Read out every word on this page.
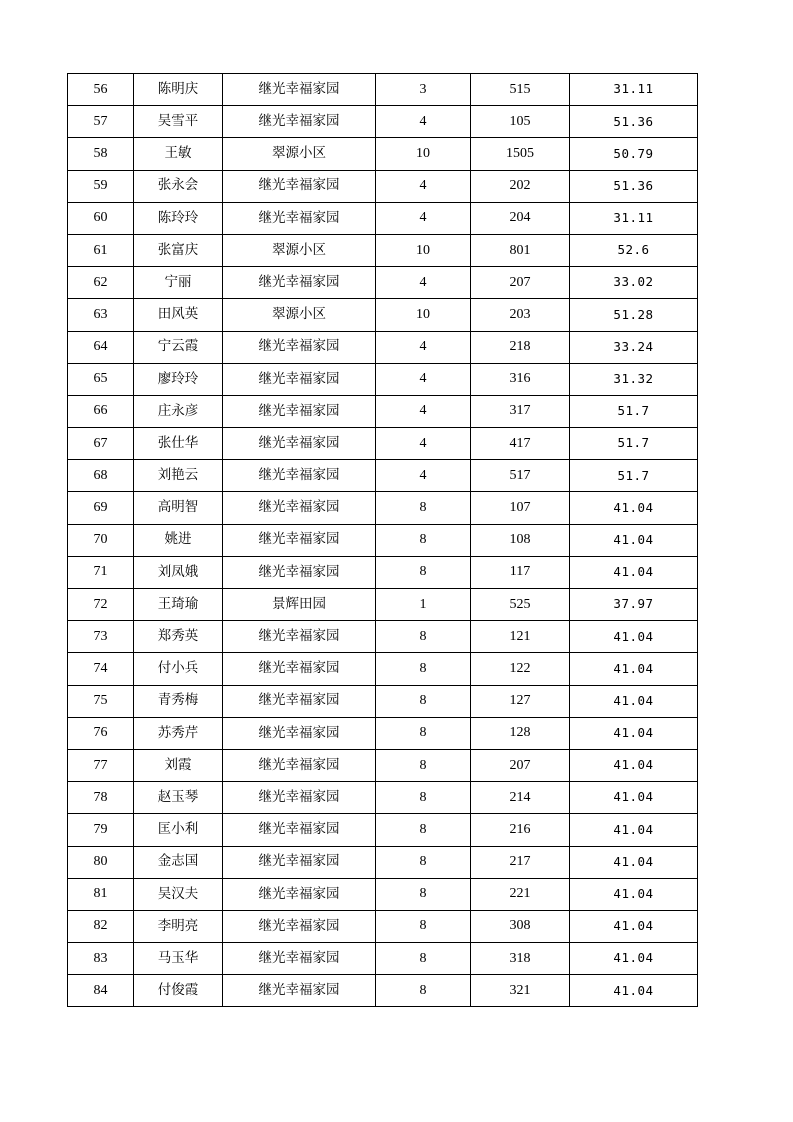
56	陈明庆	继光幸福家园	3	515	31.11
57	吴雪平	继光幸福家园	4	105	51.36
58	王敏	翠源小区	10	1505	50.79
59	张永会	继光幸福家园	4	202	51.36
60	陈玲玲	继光幸福家园	4	204	31.11
61	张富庆	翠源小区	10	801	52.6
62	宁丽	继光幸福家园	4	207	33.02
63	田风英	翠源小区	10	203	51.28
64	宁云霞	继光幸福家园	4	218	33.24
65	廖玲玲	继光幸福家园	4	316	31.32
66	庄永彦	继光幸福家园	4	317	51.7
67	张仕华	继光幸福家园	4	417	51.7
68	刘艳云	继光幸福家园	4	517	51.7
69	高明智	继光幸福家园	8	107	41.04
70	姚进	继光幸福家园	8	108	41.04
71	刘凤娥	继光幸福家园	8	117	41.04
72	王琦瑜	景辉田园	1	525	37.97
73	郑秀英	继光幸福家园	8	121	41.04
74	付小兵	继光幸福家园	8	122	41.04
75	青秀梅	继光幸福家园	8	127	41.04
76	苏秀芹	继光幸福家园	8	128	41.04
77	刘霞	继光幸福家园	8	207	41.04
78	赵玉琴	继光幸福家园	8	214	41.04
79	匡小利	继光幸福家园	8	216	41.04
80	金志国	继光幸福家园	8	217	41.04
81	吴汉夫	继光幸福家园	8	221	41.04
82	李明亮	继光幸福家园	8	308	41.04
83	马玉华	继光幸福家园	8	318	41.04
84	付俊霞	继光幸福家园	8	321	41.04
